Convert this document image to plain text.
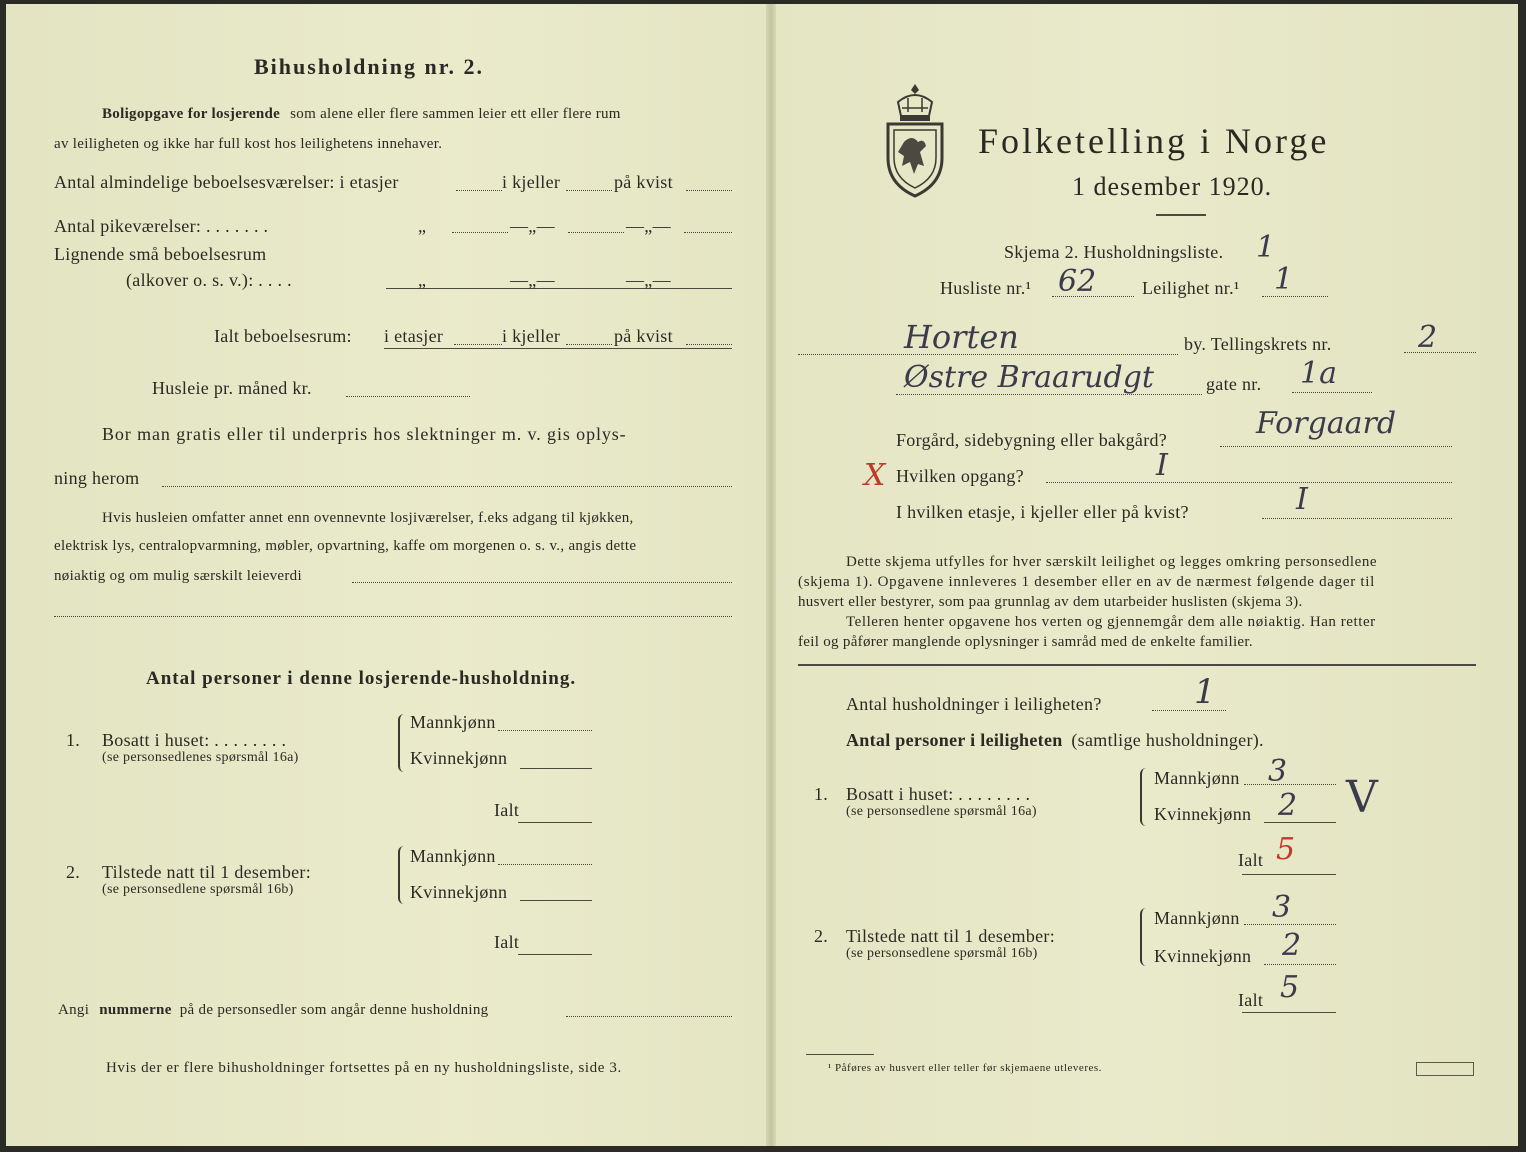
Bihusholdning nr. 2.
Boligopgave for losjerende som alene eller flere sammen leier ett eller flere rum
av leiligheten og ikke har full kost hos leilighetens innehaver.
Antal almindelige beboelsesværelser: i etasjer	i kjeller	på kvist
Antal pikeværelser: . . . . . . .	„	—„—	—„—
Lignende små beboelsesrum
(alkover o. s. v.): . . . .	„	—„—	—„—
Ialt beboelsesrum: i etasjer	i kjeller	på kvist
Husleie pr. måned kr.
Bor man gratis eller til underpris hos slektninger m. v. gis oplys-
ning herom
Hvis husleien omfatter annet enn ovennevnte losjiværelser, f.eks adgang til kjøkken,
elektrisk lys, centralopvarmning, møbler, opvartning, kaffe om morgenen o. s. v., angis dette
nøiaktig og om mulig særskilt leieverdi
Antal personer i denne losjerende-husholdning.
1. Bosatt i huset: . . . . . . . .
(se personsedlenes spørsmål 16a)
Mannkjønn
Kvinnekjønn
Ialt
2. Tilstede natt til 1 desember:
(se personsedlene spørsmål 16b)
Mannkjønn
Kvinnekjønn
Ialt
Angi nummerne på de personsedler som angår denne husholdning
Hvis der er flere bihusholdninger fortsettes på en ny husholdningsliste, side 3.
Folketelling i Norge
1 desember 1920.
Skjema 2. Husholdningsliste. 1
Husliste nr.¹ 62	Leilighet nr.¹ 1
Horten	by. Tellingskrets nr.	2
Østre Braarudgt	gate nr. 1a
Forgård, sidebygning eller bakgård?	Forgaard
X Hvilken opgang?	I
I hvilken etasje, i kjeller eller på kvist?	I
Dette skjema utfylles for hver særskilt leilighet og legges omkring personsedlene
(skjema 1). Opgavene innleveres 1 desember eller en av de nærmest følgende dager til
husvert eller bestyrer, som paa grunnlag av dem utarbeider huslisten (skjema 3).
Telleren henter opgavene hos verten og gjennemgår dem alle nøiaktig. Han retter
feil og påfører manglende oplysninger i samråd med de enkelte familier.
Antal husholdninger i leiligheten?	1
Antal personer i leiligheten (samtlige husholdninger).
1. Bosatt i huset: . . . . . . . .
(se personsedlene spørsmål 16a)
Mannkjønn 3
Kvinnekjønn 2
Ialt 5
V
2. Tilstede natt til 1 desember:
(se personsedlene spørsmål 16b)
Mannkjønn 3
Kvinnekjønn 2
Ialt 5
¹ Påføres av husvert eller teller før skjemaene utleveres.
